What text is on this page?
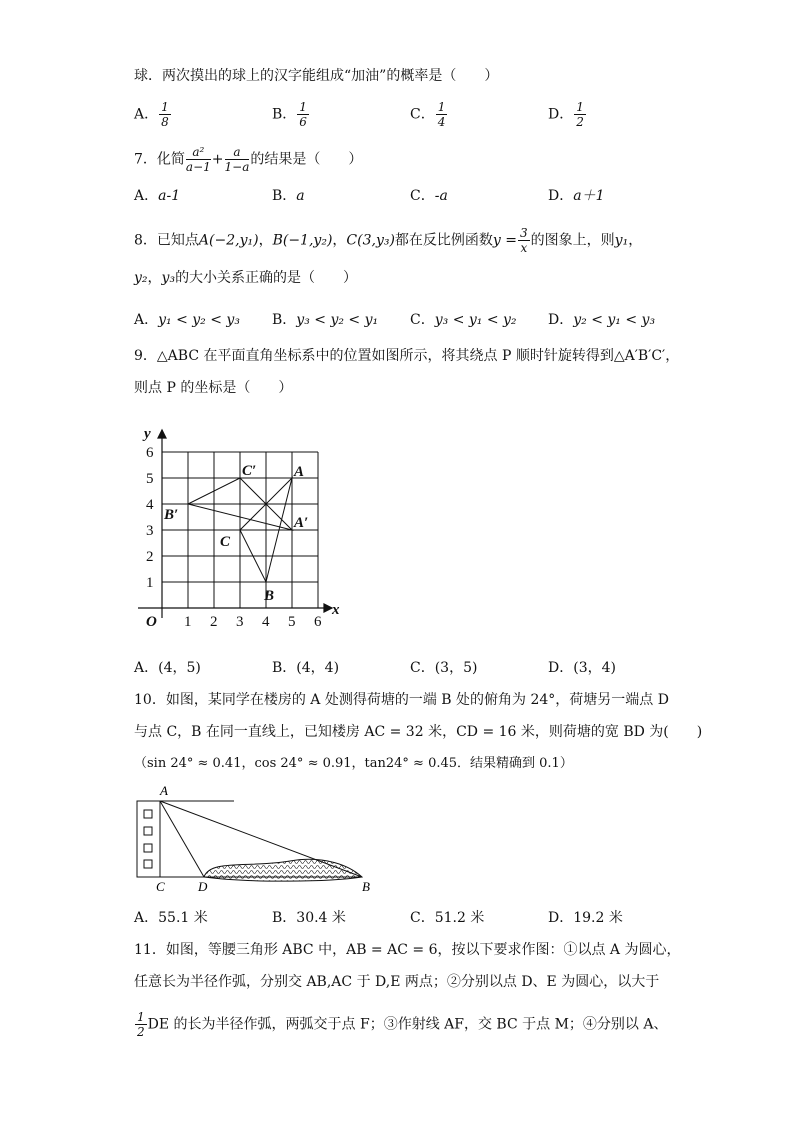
球．两次摸出的球上的汉字能组成“加油”的概率是（　　）
A． $\frac{1}{8}$	B． $\frac{1}{6}$	C． $\frac{1}{4}$	D． $\frac{1}{2}$
7．化简 $\frac{\text{a²}}{a-1} + \frac{a}{1-a}$ 的结果是（　　）
A．a-1	B．a	C．-a	D．a＋1
8．已知点A(−2,y₁)，B(−1,y₂)，C(3,y₃)都在反比例函数$y = \frac{3}{x}$ 的图象上，则y₁，
y₂，y₃的大小关系正确的是（　　）
A．y₁ < y₂ < y₃ B．y₃ < y₂ < y₁ C．y₃ < y₁ < y₂ D．y₂ < y₁ < y₃
9．△ABC 在平面直角坐标系中的位置如图所示，将其绕点 P 顺时针旋转得到△A′B′C′，
则点 P 的坐标是（　　）
1 2 3 4 5 6
1
2
3
4
5
6
O
x
y
A
B
C
A′
B′
C′
A．(4，5)	B．(4，4)	C．(3，5)	D．(3，4)
10．如图，某同学在楼房的 A 处测得荷塘的一端 B 处的俯角为 24°，荷塘另一端点 D
与点 C，B 在同一直线上，已知楼房 AC = 32 米，CD = 16 米，则荷塘的宽 BD 为(　　)
（sin 24° ≈ 0.41，cos 24° ≈ 0.91，tan24° ≈ 0.45．结果精确到 0.1）
A
C	D	B
A．55.1 米	B．30.4 米	C．51.2 米	D．19.2 米
11．如图，等腰三角形 ABC 中，AB = AC = 6，按以下要求作图：①以点 A 为圆心，
任意长为半径作弧，分别交 AB,AC 于 D,E 两点；②分别以点 D、E 为圆心，以大于
$\frac{1}{2}$ DE 的长为半径作弧，两弧交于点 F；③作射线 AF，交 BC 于点 M；④分别以 A、
